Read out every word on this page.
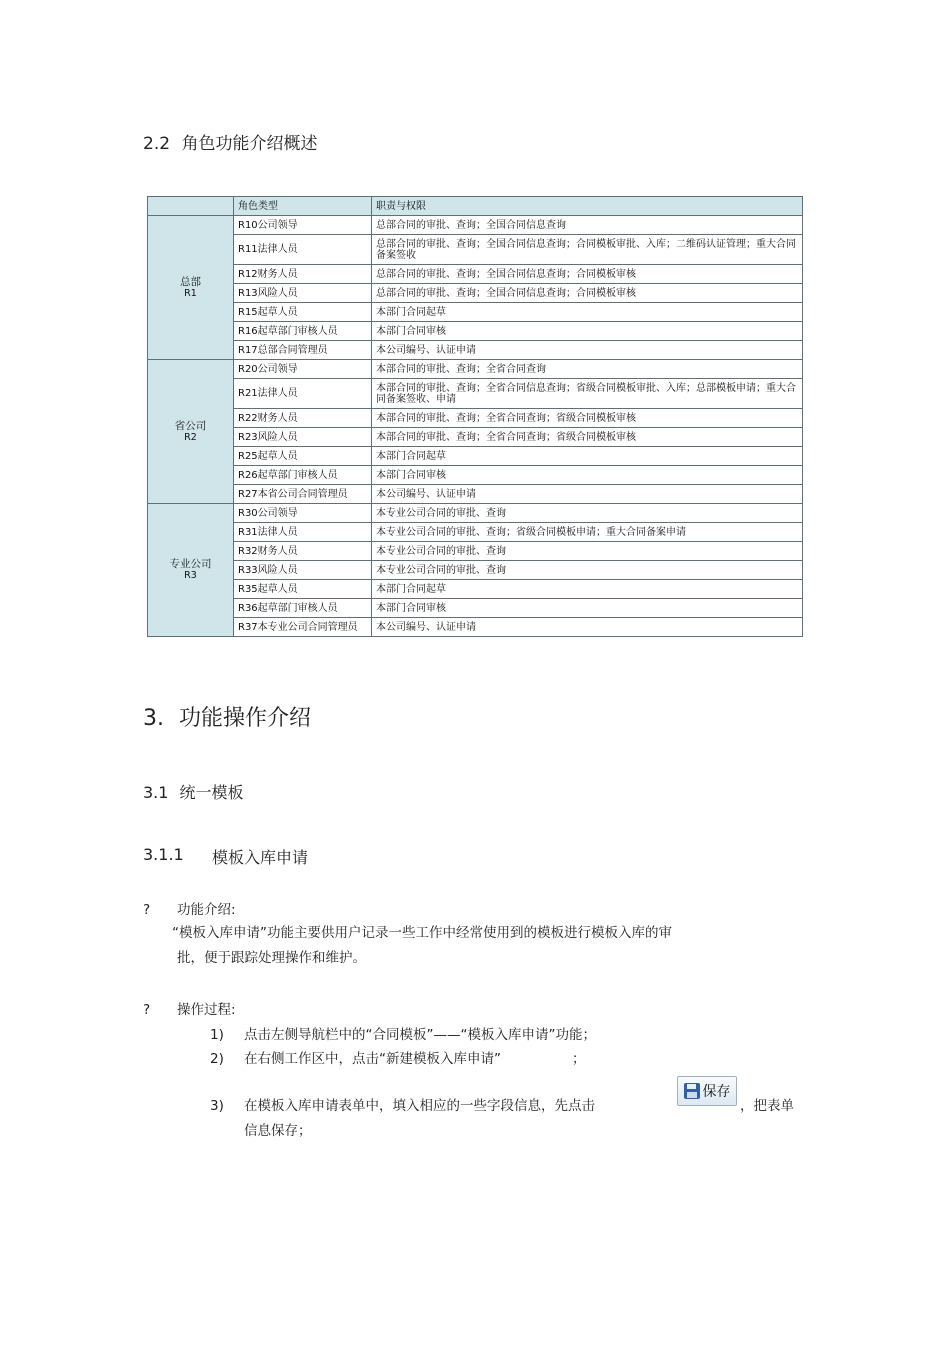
2.2 角色功能介绍概述
	角色类型	职责与权限
总部
R1	R10公司领导	总部合同的审批、查询；全国合同信息查询
	R11法律人员	总部合同的审批、查询；全国合同信息查询；合同模板审批、入库；二维码认证管理；重大合同备案签收
	R12财务人员	总部合同的审批、查询；全国合同信息查询；合同模板审核
	R13风险人员	总部合同的审批、查询；全国合同信息查询；合同模板审核
	R15起草人员	本部门合同起草
	R16起草部门审核人员	本部门合同审核
	R17总部合同管理员	本公司编号、认证申请
省公司
R2	R20公司领导	本部合同的审批、查询；全省合同查询
	R21法律人员	本部合同的审批、查询；全省合同信息查询；省级合同模板审批、入库；总部模板申请；重大合同备案签收、申请
	R22财务人员	本部合同的审批、查询；全省合同查询；省级合同模板审核
	R23风险人员	本部合同的审批、查询；全省合同查询；省级合同模板审核
	R25起草人员	本部门合同起草
	R26起草部门审核人员	本部门合同审核
	R27本省公司合同管理员	本公司编号、认证申请
专业公司
R3	R30公司领导	本专业公司合同的审批、查询
	R31法律人员	本专业公司合同的审批、查询；省级合同模板申请；重大合同备案申请
	R32财务人员	本专业公司合同的审批、查询
	R33风险人员	本专业公司合同的审批、查询
	R35起草人员	本部门合同起草
	R36起草部门审核人员	本部门合同审核
	R37本专业公司合同管理员	本公司编号、认证申请
3. 功能操作介绍
3.1 统一模板
3.1.1 模板入库申请
? 功能介绍:
“模板入库申请”功能主要供用户记录一些工作中经常使用到的模板进行模板入库的审
批，便于跟踪处理操作和维护。
? 操作过程:
1) 点击左侧导航栏中的“合同模板”——“模板入库申请”功能；
2) 在右侧工作区中，点击“新建模板入库申请”	；
3) 在模板入库申请表单中，填入相应的一些字段信息，先点击	，把表单
信息保存；
保存
